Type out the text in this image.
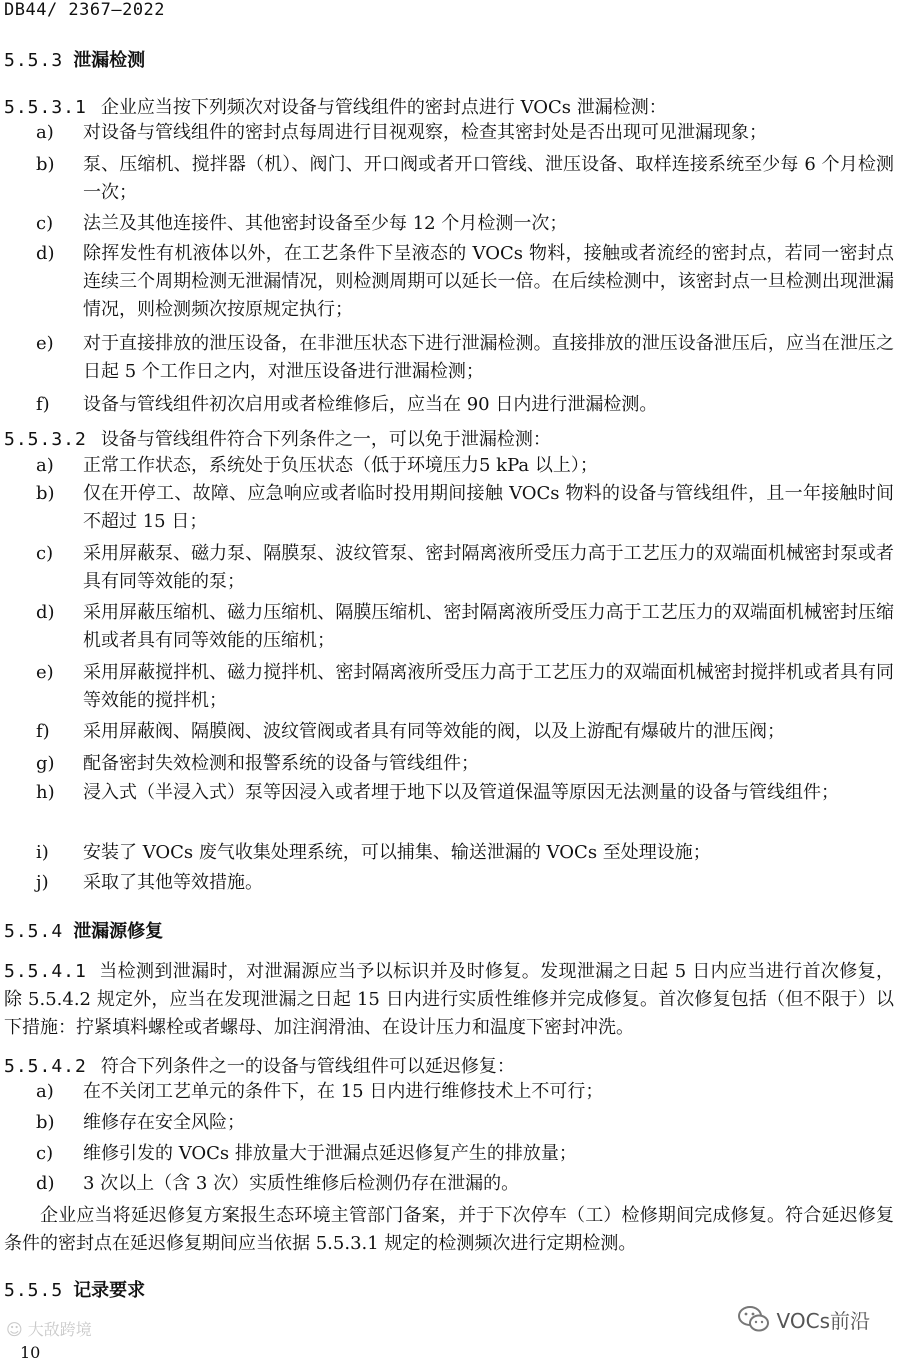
DB44/ 2367—2022
5.5.3 泄漏检测
5.5.3.1 企业应当按下列频次对设备与管线组件的密封点进行 VOCs 泄漏检测：
a)	对设备与管线组件的密封点每周进行目视观察，检查其密封处是否出现可见泄漏现象；
b)	泵、压缩机、搅拌器（机）、阀门、开口阀或者开口管线、泄压设备、取样连接系统至少每 6 个月检测一次；
c)	法兰及其他连接件、其他密封设备至少每 12 个月检测一次；
d)	除挥发性有机液体以外，在工艺条件下呈液态的 VOCs 物料，接触或者流经的密封点，若同一密封点连续三个周期检测无泄漏情况，则检测周期可以延长一倍。在后续检测中，该密封点一旦检测出现泄漏情况，则检测频次按原规定执行；
e)	对于直接排放的泄压设备，在非泄压状态下进行泄漏检测。直接排放的泄压设备泄压后，应当在泄压之日起 5 个工作日之内，对泄压设备进行泄漏检测；
f)	设备与管线组件初次启用或者检维修后，应当在 90 日内进行泄漏检测。
5.5.3.2 设备与管线组件符合下列条件之一，可以免于泄漏检测：
a)	正常工作状态，系统处于负压状态（低于环境压力5 kPa 以上）；
b)	仅在开停工、故障、应急响应或者临时投用期间接触 VOCs 物料的设备与管线组件，且一年接触时间不超过 15 日；
c)	采用屏蔽泵、磁力泵、隔膜泵、波纹管泵、密封隔离液所受压力高于工艺压力的双端面机械密封泵或者具有同等效能的泵；
d)	采用屏蔽压缩机、磁力压缩机、隔膜压缩机、密封隔离液所受压力高于工艺压力的双端面机械密封压缩机或者具有同等效能的压缩机；
e)	采用屏蔽搅拌机、磁力搅拌机、密封隔离液所受压力高于工艺压力的双端面机械密封搅拌机或者具有同等效能的搅拌机；
f)	采用屏蔽阀、隔膜阀、波纹管阀或者具有同等效能的阀，以及上游配有爆破片的泄压阀；
g)	配备密封失效检测和报警系统的设备与管线组件；
h)	浸入式（半浸入式）泵等因浸入或者埋于地下以及管道保温等原因无法测量的设备与管线组件；
i)	安装了 VOCs 废气收集处理系统，可以捕集、输送泄漏的 VOCs 至处理设施；
j)	采取了其他等效措施。
5.5.4 泄漏源修复
5.5.4.1 当检测到泄漏时，对泄漏源应当予以标识并及时修复。发现泄漏之日起 5 日内应当进行首次修复，除 5.5.4.2 规定外，应当在发现泄漏之日起 15 日内进行实质性维修并完成修复。首次修复包括（但不限于）以下措施：拧紧填料螺栓或者螺母、加注润滑油、在设计压力和温度下密封冲洗。
5.5.4.2 符合下列条件之一的设备与管线组件可以延迟修复：
a)	在不关闭工艺单元的条件下，在 15 日内进行维修技术上不可行；
b)	维修存在安全风险；
c)	维修引发的 VOCs 排放量大于泄漏点延迟修复产生的排放量；
d)	3 次以上（含 3 次）实质性维修后检测仍存在泄漏的。
企业应当将延迟修复方案报生态环境主管部门备案，并于下次停车（工）检修期间完成修复。符合延迟修复条件的密封点在延迟修复期间应当依据 5.5.3.1 规定的检测频次进行定期检测。
5.5.5 记录要求
☺ 大敌跨境
10
VOCs前沿
